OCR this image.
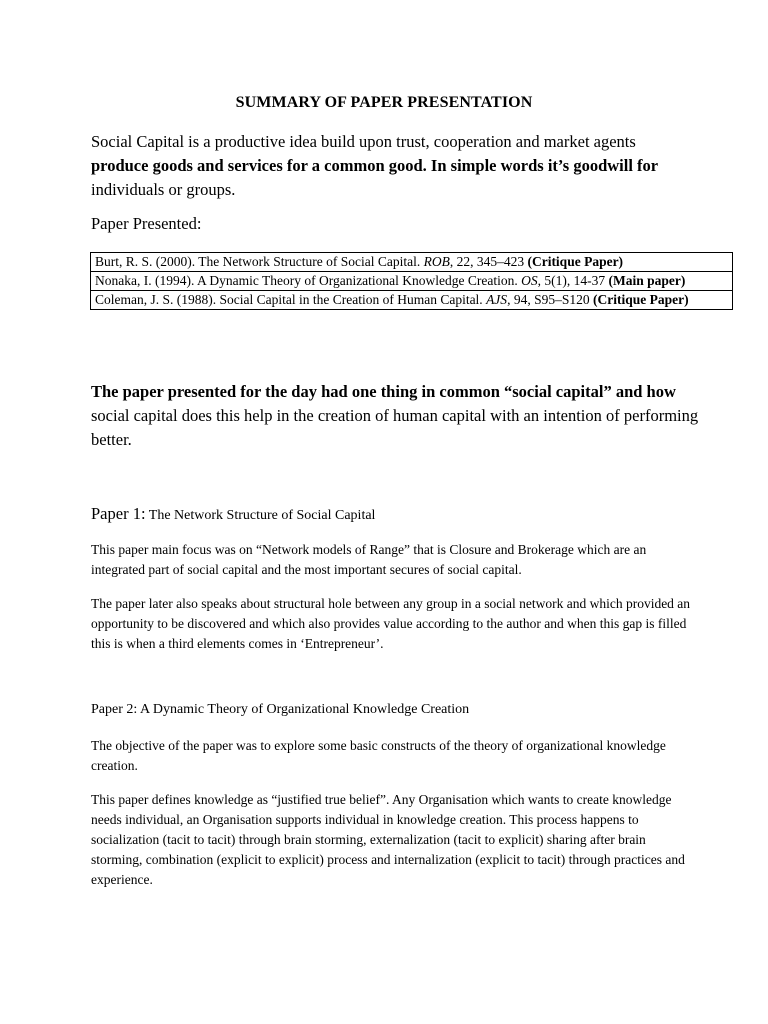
SUMMARY OF PAPER PRESENTATION
Social Capital is a productive idea build upon trust, cooperation and market agents produce goods and services for a common good. In simple words it’s goodwill for individuals or groups.
Paper Presented:
Burt, R. S. (2000). The Network Structure of Social Capital. ROB, 22, 345–423 (Critique Paper)
Nonaka, I. (1994). A Dynamic Theory of Organizational Knowledge Creation. OS, 5(1), 14-37 (Main paper)
Coleman, J. S. (1988). Social Capital in the Creation of Human Capital. AJS, 94, S95–S120 (Critique Paper)
The paper presented for the day had one thing in common “social capital” and how social capital does this help in the creation of human capital with an intention of performing better.
Paper 1: The Network Structure of Social Capital
This paper main focus was on “Network models of Range” that is Closure and Brokerage which are an integrated part of social capital and the most important secures of social capital.
The paper later also speaks about structural hole between any group in a social network and which provided an opportunity to be discovered and which also provides value according to the author and when this gap is filled this is when a third elements comes in ‘Entrepreneur’.
Paper 2: A Dynamic Theory of Organizational Knowledge Creation
The objective of the paper was to explore some basic constructs of the theory of organizational knowledge creation.
This paper defines knowledge as “justified true belief”. Any Organisation which wants to create knowledge needs individual, an Organisation supports individual in knowledge creation. This process happens to socialization (tacit to tacit) through brain storming, externalization (tacit to explicit) sharing after brain storming, combination (explicit to explicit) process and internalization (explicit to tacit) through practices and experience.
